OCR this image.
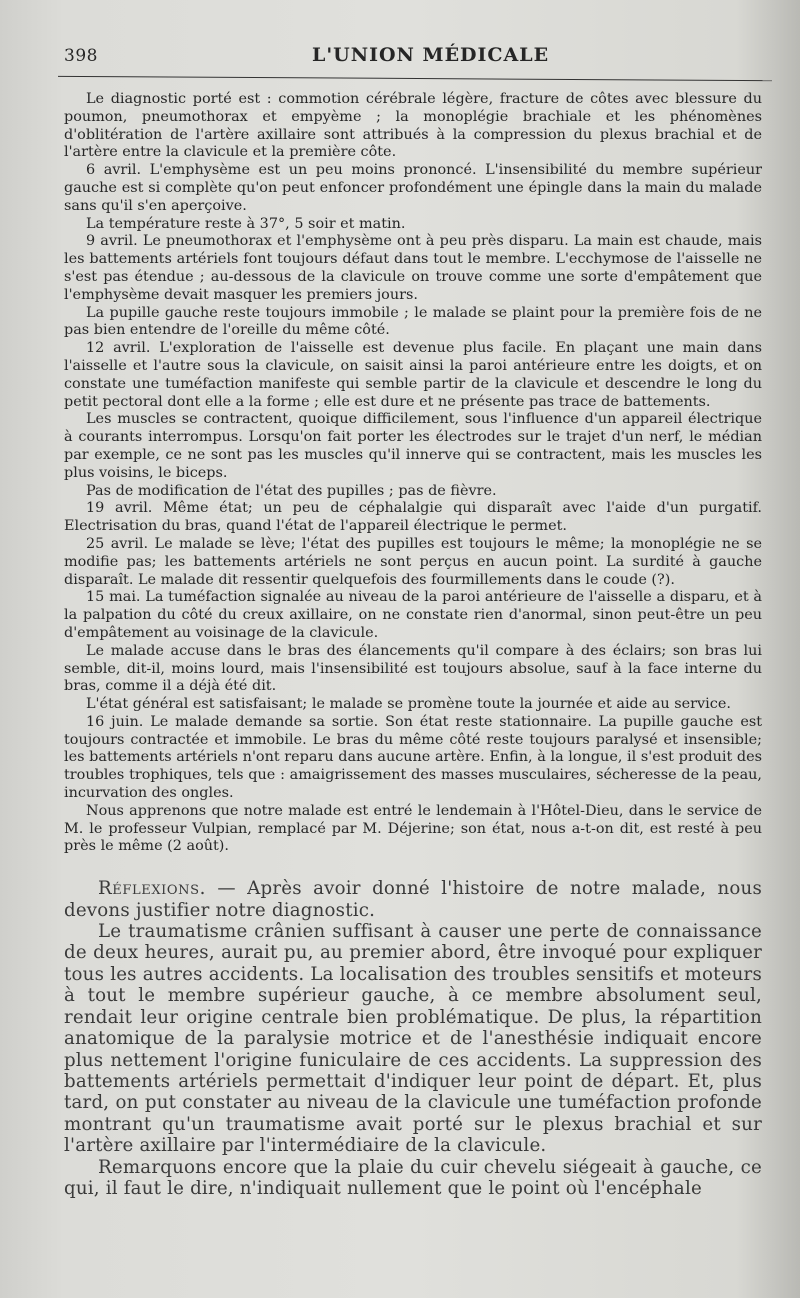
398	L'UNION MÉDICALE

Le diagnostic porté est : commotion cérébrale légère, fracture de côtes avec blessure du poumon, pneumothorax et empyème ; la monoplégie brachiale et les phénomènes d'oblitération de l'artère axillaire sont attribués à la compression du plexus brachial et de l'artère entre la clavicule et la première côte.

6 avril. L'emphysème est un peu moins prononcé. L'insensibilité du membre supérieur gauche est si complète qu'on peut enfoncer profondément une épingle dans la main du malade sans qu'il s'en aperçoive.

La température reste à 37°, 5 soir et matin.

9 avril. Le pneumothorax et l'emphysème ont à peu près disparu. La main est chaude, mais les battements artériels font toujours défaut dans tout le membre. L'ecchymose de l'aisselle ne s'est pas étendue ; au-dessous de la clavicule on trouve comme une sorte d'empâtement que l'emphysème devait masquer les premiers jours.

La pupille gauche reste toujours immobile ; le malade se plaint pour la première fois de ne pas bien entendre de l'oreille du même côté.

12 avril. L'exploration de l'aisselle est devenue plus facile. En plaçant une main dans l'aisselle et l'autre sous la clavicule, on saisit ainsi la paroi antérieure entre les doigts, et on constate une tuméfaction manifeste qui semble partir de la clavicule et descendre le long du petit pectoral dont elle a la forme ; elle est dure et ne présente pas trace de battements.

Les muscles se contractent, quoique difficilement, sous l'influence d'un appareil électrique à courants interrompus. Lorsqu'on fait porter les électrodes sur le trajet d'un nerf, le médian par exemple, ce ne sont pas les muscles qu'il innerve qui se contractent, mais les muscles les plus voisins, le biceps.

Pas de modification de l'état des pupilles ; pas de fièvre.

19 avril. Même état; un peu de céphalalgie qui disparaît avec l'aide d'un purgatif. Electrisation du bras, quand l'état de l'appareil électrique le permet.

25 avril. Le malade se lève; l'état des pupilles est toujours le même; la monoplégie ne se modifie pas; les battements artériels ne sont perçus en aucun point. La surdité à gauche disparaît. Le malade dit ressentir quelquefois des fourmillements dans le coude (?).

15 mai. La tuméfaction signalée au niveau de la paroi antérieure de l'aisselle a disparu, et à la palpation du côté du creux axillaire, on ne constate rien d'anormal, sinon peut-être un peu d'empâtement au voisinage de la clavicule.

Le malade accuse dans le bras des élancements qu'il compare à des éclairs; son bras lui semble, dit-il, moins lourd, mais l'insensibilité est toujours absolue, sauf à la face interne du bras, comme il a déjà été dit.

L'état général est satisfaisant; le malade se promène toute la journée et aide au service.

16 juin. Le malade demande sa sortie. Son état reste stationnaire. La pupille gauche est toujours contractée et immobile. Le bras du même côté reste toujours paralysé et insensible; les battements artériels n'ont reparu dans aucune artère. Enfin, à la longue, il s'est produit des troubles trophiques, tels que : amaigrissement des masses musculaires, sécheresse de la peau, incurvation des ongles.

Nous apprenons que notre malade est entré le lendemain à l'Hôtel-Dieu, dans le service de M. le professeur Vulpian, remplacé par M. Déjerine; son état, nous a-t-on dit, est resté à peu près le même (2 août).

Réflexions. — Après avoir donné l'histoire de notre malade, nous devons justifier notre diagnostic.

Le traumatisme crânien suffisant à causer une perte de connaissance de deux heures, aurait pu, au premier abord, être invoqué pour expliquer tous les autres accidents. La localisation des troubles sensitifs et moteurs à tout le membre supérieur gauche, à ce membre absolument seul, rendait leur origine centrale bien problématique. De plus, la répartition anatomique de la paralysie motrice et de l'anesthésie indiquait encore plus nettement l'origine funiculaire de ces accidents. La suppression des battements artériels permettait d'indiquer leur point de départ. Et, plus tard, on put constater au niveau de la clavicule une tuméfaction profonde montrant qu'un traumatisme avait porté sur le plexus brachial et sur l'artère axillaire par l'intermédiaire de la clavicule.

Remarquons encore que la plaie du cuir chevelu siégeait à gauche, ce qui, il faut le dire, n'indiquait nullement que le point où l'encéphale
